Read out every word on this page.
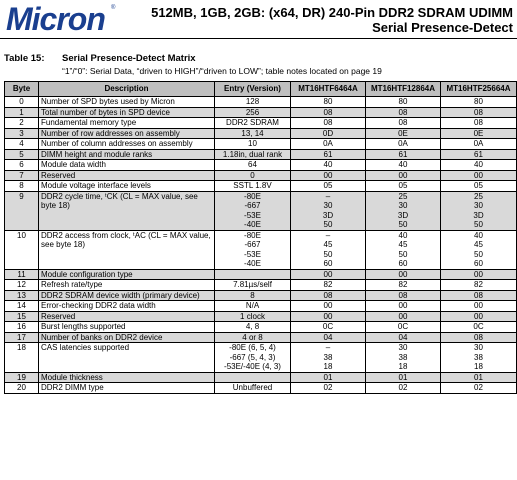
Micron ®	512MB, 1GB, 2GB: (x64, DR) 240-Pin DDR2 SDRAM UDIMM
Serial Presence-Detect
Table 15: Serial Presence-Detect Matrix
“1”/“0”: Serial Data, “driven to HIGH”/“driven to LOW”; table notes located on page 19
Byte	Description	Entry (Version)	MT16HTF6464A	MT16HTF12864A	MT16HTF25664A
0	Number of SPD bytes used by Micron	128	80	80	80
1	Total number of bytes in SPD device	256	08	08	08
2	Fundamental memory type	DDR2 SDRAM	08	08	08
3	Number of row addresses on assembly	13, 14	0D	0E	0E
4	Number of column addresses on assembly	10	0A	0A	0A
5	DIMM height and module ranks	1.18in, dual rank	61	61	61
6	Module data width	64	40	40	40
7	Reserved	0	00	00	00
8	Module voltage interface levels	SSTL 1.8V	05	05	05
9	DDR2 cycle time, ᵗCK (CL = MAX value, see byte 18)	-80E
-667
-53E
-40E	–
30
3D
50	25
30
3D
50	25
30
3D
50
10	DDR2 access from clock, ᵗAC (CL = MAX value, see byte 18)	-80E
-667
-53E
-40E	–
45
50
60	40
45
50
60	40
45
50
60
11	Module configuration type		00	00	00
12	Refresh rate/type	7.81µs/self	82	82	82
13	DDR2 SDRAM device width (primary device)	8	08	08	08
14	Error-checking DDR2 data width	N/A	00	00	00
15	Reserved	1 clock	00	00	00
16	Burst lengths supported	4, 8	0C	0C	0C
17	Number of banks on DDR2 device	4 or 8	04	04	08
18	CAS latencies supported	-80E (6, 5, 4)
-667 (5, 4, 3)
-53E/-40E (4, 3)	–
38
18	30
38
18	30
38
18
19	Module thickness		01	01	01
20	DDR2 DIMM type	Unbuffered	02	02	02
